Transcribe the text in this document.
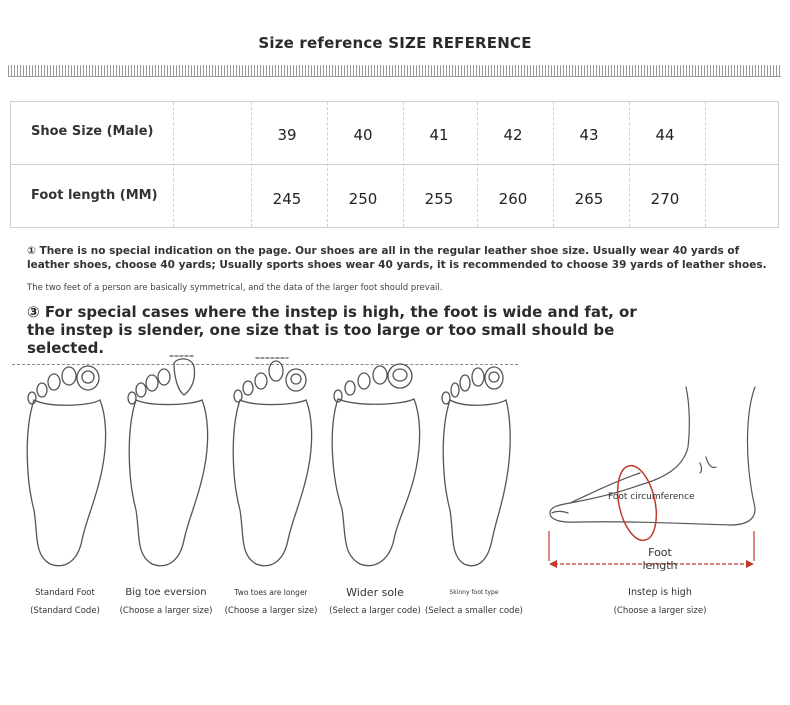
Size reference SIZE REFERENCE
Shoe Size (Male)	39	40	41	42	43	44
Foot length (MM)	245	250	255	260	265	270
① There is no special indication on the page. Our shoes are all in the regular leather shoe size. Usually wear 40 yards of leather shoes, choose 40 yards; Usually sports shoes wear 40 yards, it is recommended to choose 39 yards of leather shoes.
The two feet of a person are basically symmetrical, and the data of the larger foot should prevail.
③ For special cases where the instep is high, the foot is wide and fat, or the instep is slender, one size that is too large or too small should be selected.
Standard Foot
(Standard Code)
Big toe eversion
(Choose a larger size)
Two toes are longer
(Choose a larger size)
Wider sole
(Select a larger code)
Skinny foot type
(Select a smaller code)
Foot circumference
Foot
length
Instep is high
(Choose a larger size)
